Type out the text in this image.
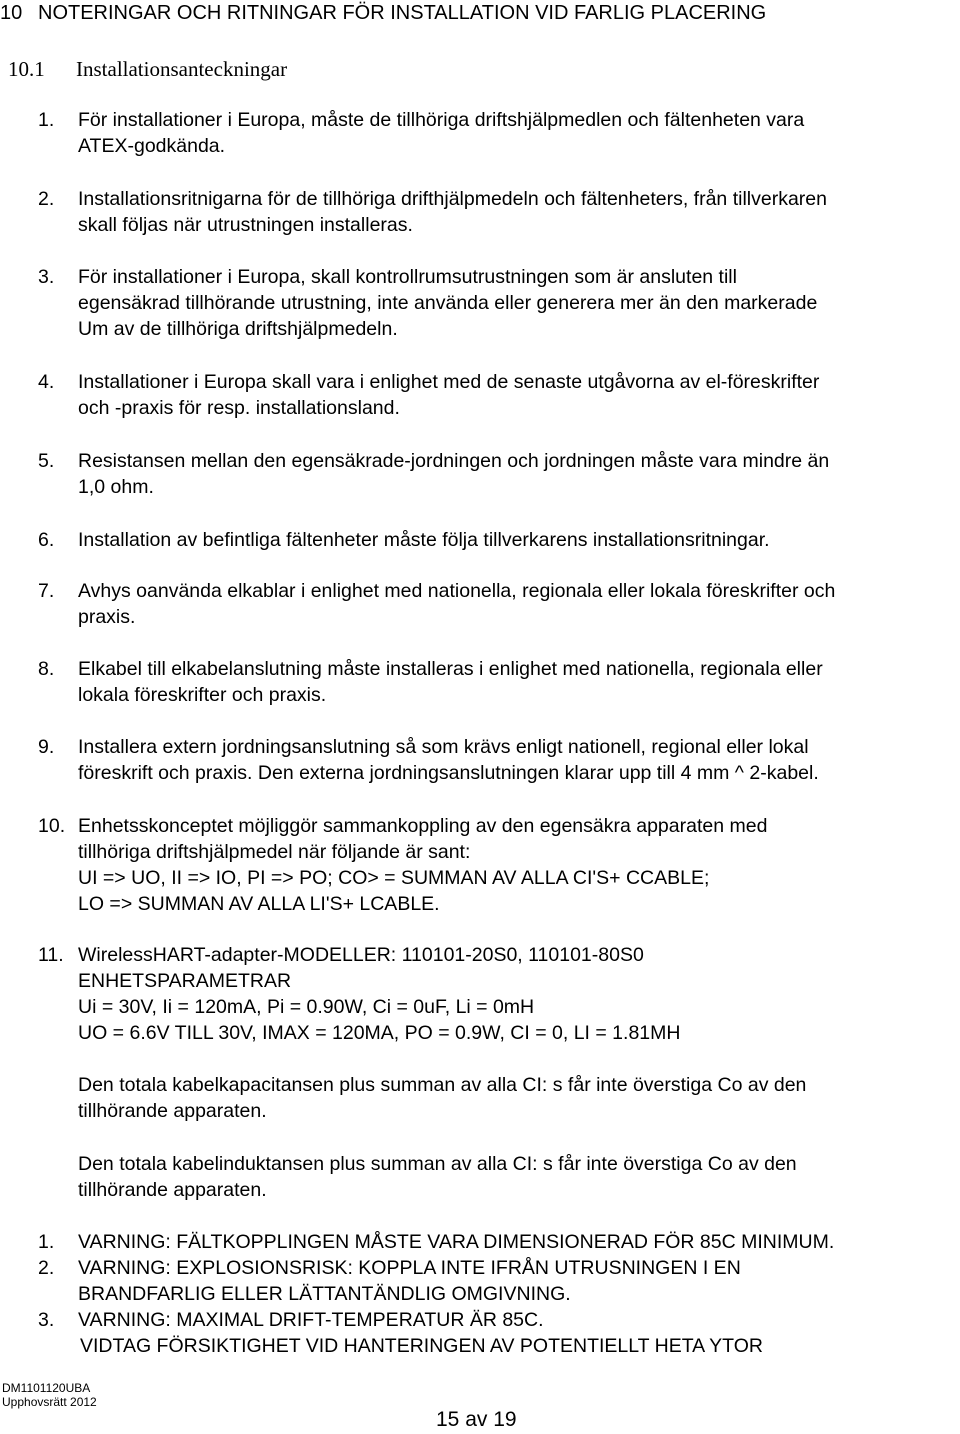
10 NOTERINGAR OCH RITNINGAR FÖR INSTALLATION VID FARLIG PLACERING
10.1 Installationsanteckningar
1. För installationer i Europa, måste de tillhöriga driftshjälpmedlen och fältenheten vara
ATEX-godkända.
2. Installationsritnigarna för de tillhöriga drifthjälpmedeln och fältenheters, från tillverkaren
skall följas när utrustningen installeras.
3. För installationer i Europa, skall kontrollrumsutrustningen som är ansluten till
egensäkrad tillhörande utrustning, inte använda eller generera mer än den markerade
Um av de tillhöriga driftshjälpmedeln.
4. Installationer i Europa skall vara i enlighet med de senaste utgåvorna av el-föreskrifter
och -praxis för resp. installationsland.
5. Resistansen mellan den egensäkrade-jordningen och jordningen måste vara mindre än
1,0 ohm.
6. Installation av befintliga fältenheter måste följa tillverkarens installationsritningar.
7. Avhys oanvända elkablar i enlighet med nationella, regionala eller lokala föreskrifter och
praxis.
8. Elkabel till elkabelanslutning måste installeras i enlighet med nationella, regionala eller
lokala föreskrifter och praxis.
9. Installera extern jordningsanslutning så som krävs enligt nationell, regional eller lokal
föreskrift och praxis. Den externa jordningsanslutningen klarar upp till 4 mm ^ 2-kabel.
10. Enhetsskonceptet möjliggör sammankoppling av den egensäkra apparaten med
tillhöriga driftshjälpmedel när följande är sant:
UI => UO, II => IO, PI => PO; CO> = SUMMAN AV ALLA CI'S+ CCABLE;
LO => SUMMAN AV ALLA LI'S+ LCABLE.
11. WirelessHART-adapter-MODELLER: 110101-20S0, 110101-80S0
ENHETSPARAMETRAR
Ui = 30V, Ii = 120mA, Pi = 0.90W, Ci = 0uF, Li = 0mH
UO = 6.6V TILL 30V, IMAX = 120MA, PO = 0.9W, CI = 0, LI = 1.81MH
Den totala kabelkapacitansen plus summan av alla CI: s får inte överstiga Co av den
tillhörande apparaten.
Den totala kabelinduktansen plus summan av alla CI: s får inte överstiga Co av den
tillhörande apparaten.
1. VARNING: FÄLTKOPPLINGEN MÅSTE VARA DIMENSIONERAD FÖR 85C MINIMUM.
2. VARNING: EXPLOSIONSRISK: KOPPLA INTE IFRÅN UTRUSNINGEN I EN
BRANDFARLIG ELLER LÄTTANTÄNDLIG OMGIVNING.
3. VARNING: MAXIMAL DRIFT-TEMPERATUR ÄR 85C.
VIDTAG FÖRSIKTIGHET VID HANTERINGEN AV POTENTIELLT HETA YTOR
DM1101120UBA
Upphovsrätt 2012
15 av 19
